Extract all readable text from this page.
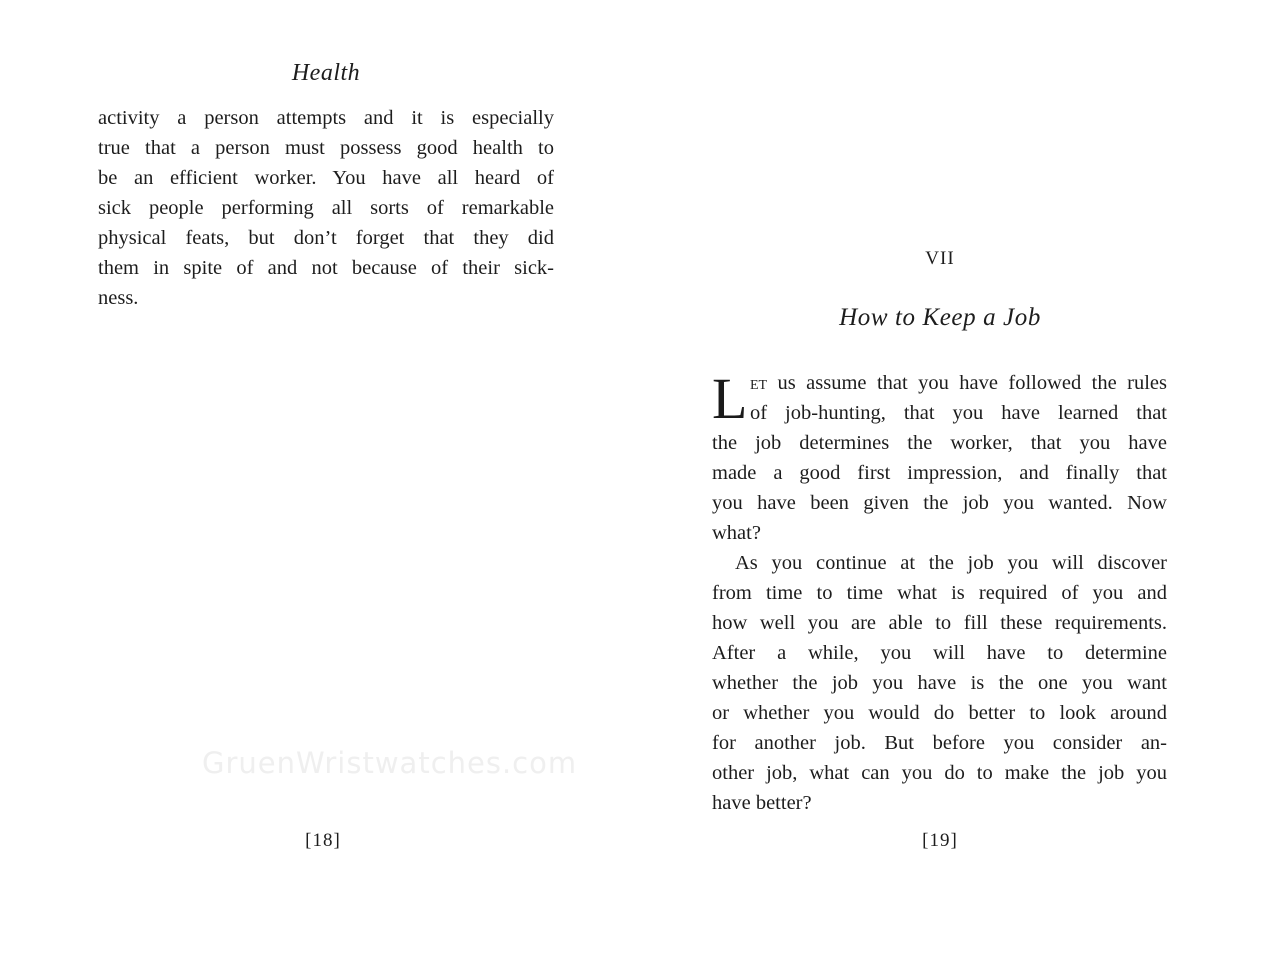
Health
activity a person attempts and it is especially
true that a person must possess good health to
be an efficient worker. You have all heard of
sick people performing all sorts of remarkable
physical feats, but don’t forget that they did
them in spite of and not because of their sick-
ness.
GruenWristwatches.com
[18]
VII
How to Keep a Job
L et us assume that you have followed the rules
of job-hunting, that you have learned that
the job determines the worker, that you have
made a good first impression, and finally that
you have been given the job you wanted. Now
what?
As you continue at the job you will discover
from time to time what is required of you and
how well you are able to fill these requirements.
After a while, you will have to determine
whether the job you have is the one you want
or whether you would do better to look around
for another job. But before you consider an-
other job, what can you do to make the job you
have better?
[19]
